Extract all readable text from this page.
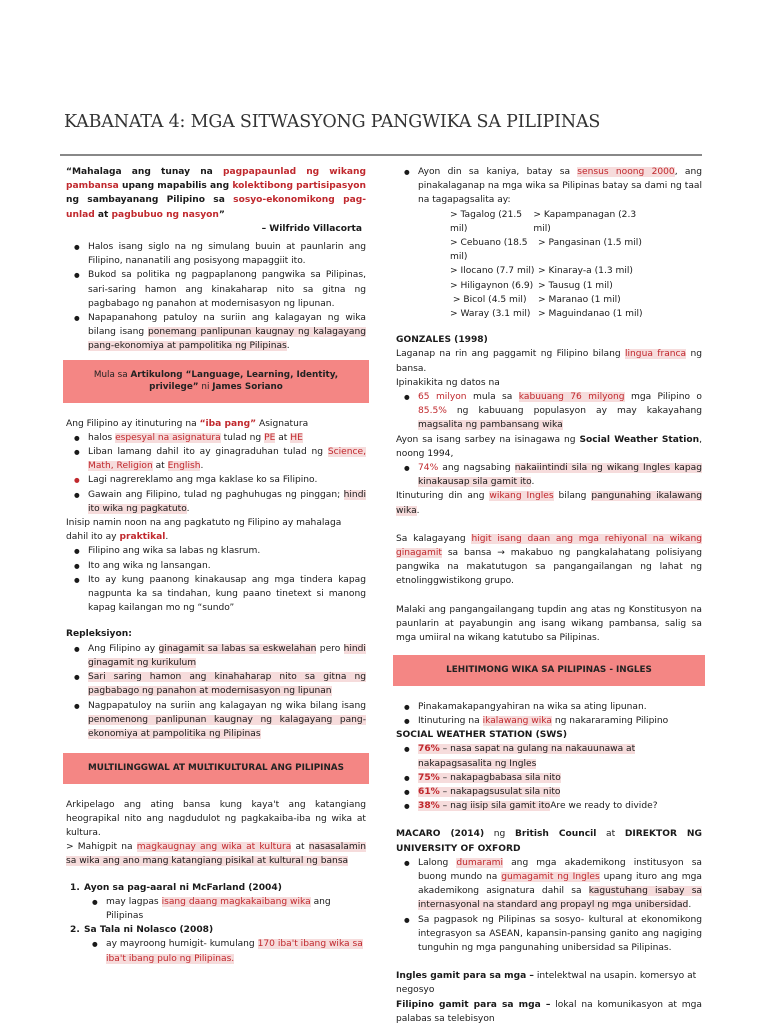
KABANATA 4: MGA SITWASYONG PANGWIKA SA PILIPINAS

“Mahalaga ang tunay na pagpapaunlad ng wikang pambansa upang mapabilis ang kolektibong partisipasyon ng sambayanang Pilipino sa sosyo-ekonomikong pag-unlad at pagbubuo ng nasyon”

– Wilfrido Villacorta

● Halos isang siglo na ng simulang buuin at paunlarin ang Filipino, nananatili ang posisyong mapaggiit ito.
● Bukod sa politika ng pagpaplanong pangwika sa Pilipinas, sari-saring hamon ang kinakaharap nito sa gitna ng pagbabago ng panahon at modernisasyon ng lipunan.
● Napapanahong patuloy na suriin ang kalagayan ng wika bilang isang ponemang panlipunan kaugnay ng kalagayang pang-ekonomiya at pampolitika ng Pilipinas.
Mula sa Artikulong “Language, Learning, Identity, privilege” ni James Soriano

Ang Filipino ay itinuturing na “iba pang” Asignatura

● halos espesyal na asignatura tulad ng PE at HE
● Liban lamang dahil ito ay ginagraduhan tulad ng Science, Math, Religion at English.
● Lagi nagrereklamo ang mga kaklase ko sa Filipino.
● Gawain ang Filipino, tulad ng paghuhugas ng pinggan; hindi ito wika ng pagkatuto.

Inisip namin noon na ang pagkatuto ng Filipino ay mahalaga dahil ito ay praktikal.

● Filipino ang wika sa labas ng klasrum.
● Ito ang wika ng lansangan.
● Ito ay kung paanong kinakausap ang mga tindera kapag nagpunta ka sa tindahan, kung paano tinetext si manong kapag kailangan mo ng “sundo”

Repleksiyon:

● Ang Filipino ay ginagamit sa labas sa eskwelahan pero hindi ginagamit ng kurikulum
● Sari saring hamon ang kinahaharap nito sa gitna ng pagbabago ng panahon at modernisasyon ng lipunan
● Nagpapatuloy na suriin ang kalagayan ng wika bilang isang penomenong panlipunan kaugnay ng kalagayang pang-ekonomiya at pampolitika ng Pilipinas
MULTILINGGWAL AT MULTIKULTURAL ANG PILIPINAS

Arkipelago ang ating bansa kung kaya't ang katangiang heograpikal nito ang nagdudulot ng pagkakaiba-iba ng wika at kultura.

> Mahigpit na magkaugnay ang wika at kultura at nasasalamin sa wika ang ano mang katangiang pisikal at kultural ng bansa

1. Ayon sa pag-aaral ni McFarland (2004)

● may lagpas isang daang magkakaibang wika ang Pilipinas

2. Sa Tala ni Nolasco (2008)

● ay mayroong humigit- kumulang 170 iba't ibang wika sa iba't ibang pulo ng Pilipinas.
● Ayon din sa kaniya, batay sa sensus noong 2000, ang pinakalaganap na mga wika sa Pilipinas batay sa dami ng taal na tagapagsalita ay:
> Tagalog (21.5 mil)
> Kapampanagan (2.3 mil)
> Cebuano (18.5 mil)
> Pangasinan (1.5 mil)
> Ilocano (7.7 mil) > Kinaray-a (1.3 mil)
> Hiligaynon (6.9) > Tausug (1 mil)
> Bicol (4.5 mil)	> Maranao (1 mil)
> Waray (3.1 mil) > Maguindanao (1 mil)

GONZALES (1998)

Laganap na rin ang paggamit ng Filipino bilang lingua franca ng bansa.

Ipinakikita ng datos na

● 65 milyon mula sa kabuuang 76 milyong mga Pilipino o 85.5% ng kabuuang populasyon ay may kakayahang magsalita ng pambansang wika

Ayon sa isang sarbey na isinagawa ng Social Weather Station, noong 1994,

● 74% ang nagsabing nakaiintindi sila ng wikang Ingles kapag kinakausap sila gamit ito.

Itinuturing din ang wikang Ingles bilang pangunahing ikalawang wika.

Sa kalagayang higit isang daan ang mga rehiyonal na wikang ginagamit sa bansa → makabuo ng pangkalahatang polisiyang pangwika na makatutugon sa pangangailangan ng lahat ng etnolinggwistikong grupo.

Malaki ang pangangailangang tupdin ang atas ng Konstitusyon na paunlarin at payabungin ang isang wikang pambansa, salig sa mga umiiral na wikang katutubo sa Pilipinas.

LEHITIMONG WIKA SA PILIPINAS - INGLES
● Pinakamakapangyahiran na wika sa ating lipunan.
● Itinuturing na ikalawang wika ng nakararaming Pilipino

SOCIAL WEATHER STATION (SWS)

● 76% – nasa sapat na gulang na nakauunawa at nakapagsasalita ng Ingles
● 75% – nakapagbabasa sila nito
● 61% – nakapagsusulat sila nito
● 38% – nag iisip sila gamit itoAre we ready to divide?

MACARO (2014) ng British Council at DIREKTOR NG UNIVERSITY OF OXFORD

● Lalong dumarami ang mga akademikong institusyon sa buong mundo na gumagamit ng Ingles upang ituro ang mga akademikong asignatura dahil sa kagustuhang isabay sa internasyonal na standard ang propayl ng mga unibersidad.
● Sa pagpasok ng Pilipinas sa sosyo- kultural at ekonomikong integrasyon sa ASEAN, kapansin-pansing ganito ang nagiging tunguhin ng mga pangunahing unibersidad sa Pilipinas.

Ingles gamit para sa mga – intelektwal na usapin. komersyo at negosyo

Filipino gamit para sa mga – lokal na komunikasyon at mga palabas sa telebisyon
